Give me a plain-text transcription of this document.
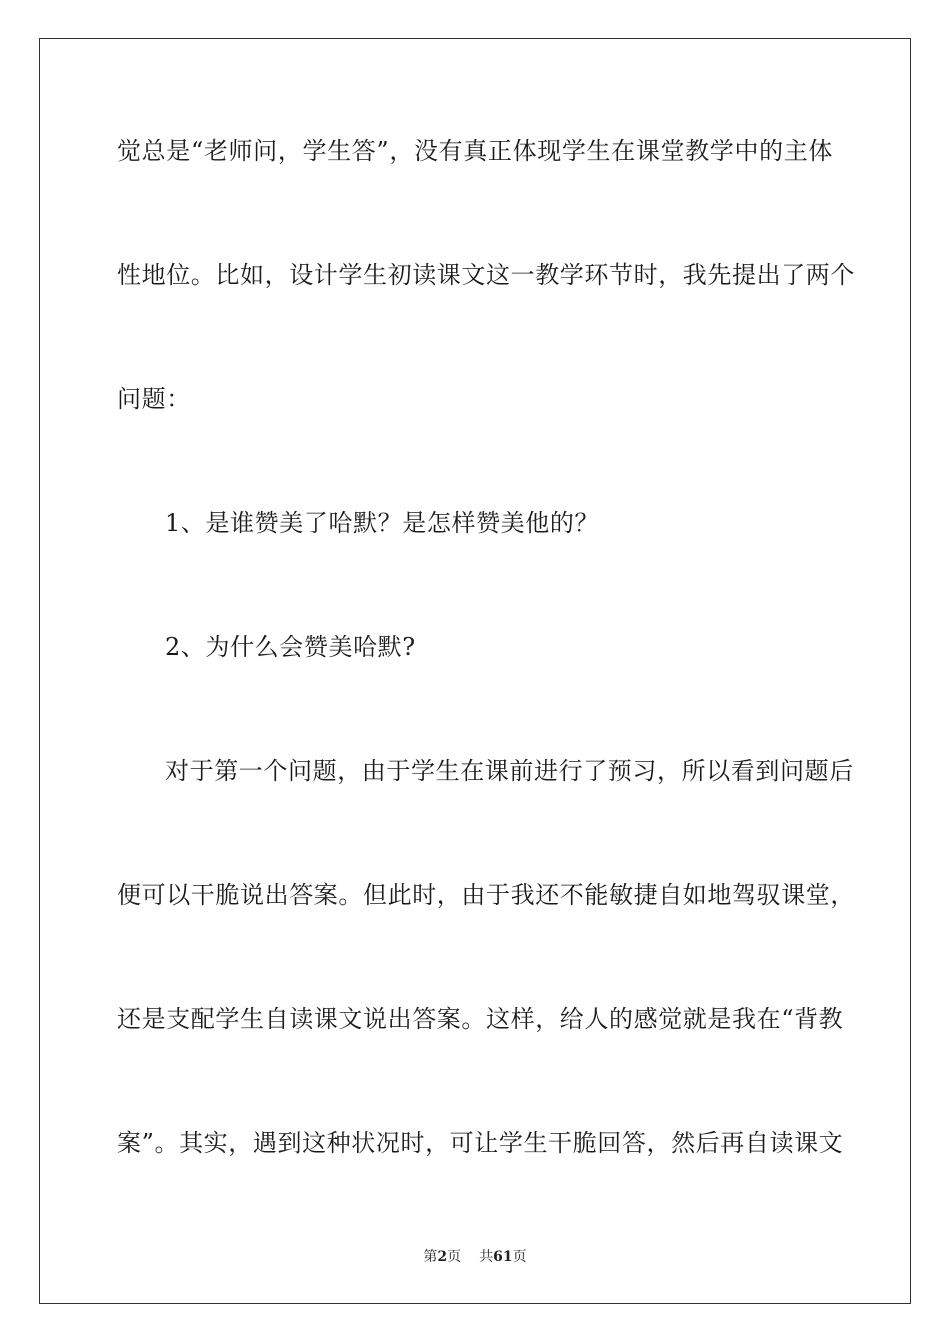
觉总是“老师问，学生答”，没有真正体现学生在课堂教学中的主体
性地位。比如，设计学生初读课文这一教学环节时，我先提出了两个
问题：
1、是谁赞美了哈默？是怎样赞美他的？
2、为什么会赞美哈默?
对于第一个问题，由于学生在课前进行了预习，所以看到问题后
便可以干脆说出答案。但此时，由于我还不能敏捷自如地驾驭课堂，
还是支配学生自读课文说出答案。这样，给人的感觉就是我在“背教
案”。其实，遇到这种状况时，可让学生干脆回答，然后再自读课文
第2页 共61页
